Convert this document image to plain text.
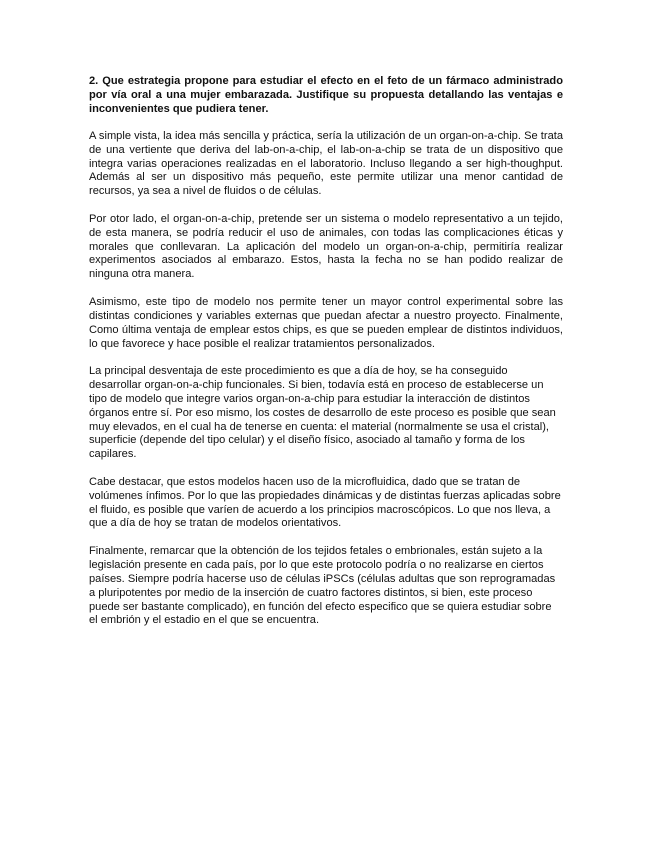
2. Que estrategia propone para estudiar el efecto en el feto de un fármaco administrado por vía oral a una mujer embarazada. Justifique su propuesta detallando las ventajas e inconvenientes que pudiera tener.

A simple vista, la idea más sencilla y práctica, sería la utilización de un organ-on-a-chip. Se trata de una vertiente que deriva del lab-on-a-chip, el lab-on-a-chip se trata de un dispositivo que integra varias operaciones realizadas en el laboratorio. Incluso llegando a ser high-thoughput. Además al ser un dispositivo más pequeño, este permite utilizar una menor cantidad de recursos, ya sea a nivel de fluidos o de células.

Por otor lado, el organ-on-a-chip, pretende ser un sistema o modelo representativo a un tejido, de esta manera, se podría reducir el uso de animales, con todas las complicaciones éticas y morales que conllevaran. La aplicación del modelo un organ-on-a-chip, permitiría realizar experimentos asociados al embarazo. Estos, hasta la fecha no se han podido realizar de ninguna otra manera.

Asimismo, este tipo de modelo nos permite tener un mayor control experimental sobre las distintas condiciones y variables externas que puedan afectar a nuestro proyecto. Finalmente, Como última ventaja de emplear estos chips, es que se pueden emplear de distintos individuos, lo que favorece y hace posible el realizar tratamientos personalizados.

La principal desventaja de este procedimiento es que a día de hoy, se ha conseguido desarrollar organ-on-a-chip funcionales. Si bien, todavía está en proceso de establecerse un tipo de modelo que integre varios organ-on-a-chip para estudiar la interacción de distintos órganos entre sí. Por eso mismo, los costes de desarrollo de este proceso es posible que sean muy elevados, en el cual ha de tenerse en cuenta: el material (normalmente se usa el cristal), superficie (depende del tipo celular) y el diseño físico, asociado al tamaño y forma de los capilares.

Cabe destacar, que estos modelos hacen uso de la microfluidica, dado que se tratan de volúmenes ínfimos. Por lo que las propiedades dinámicas y de distintas fuerzas aplicadas sobre el fluido, es posible que varíen de acuerdo a los principios macroscópicos. Lo que nos lleva, a que a día de hoy se tratan de modelos orientativos.

Finalmente, remarcar que la obtención de los tejidos fetales o embrionales, están sujeto a la legislación presente en cada país, por lo que este protocolo podría o no realizarse en ciertos países. Siempre podría hacerse uso de células iPSCs (células adultas que son reprogramadas a pluripotentes por medio de la inserción de cuatro factores distintos, si bien, este proceso puede ser bastante complicado), en función del efecto especifico que se quiera estudiar sobre el embrión y el estadio en el que se encuentra.
